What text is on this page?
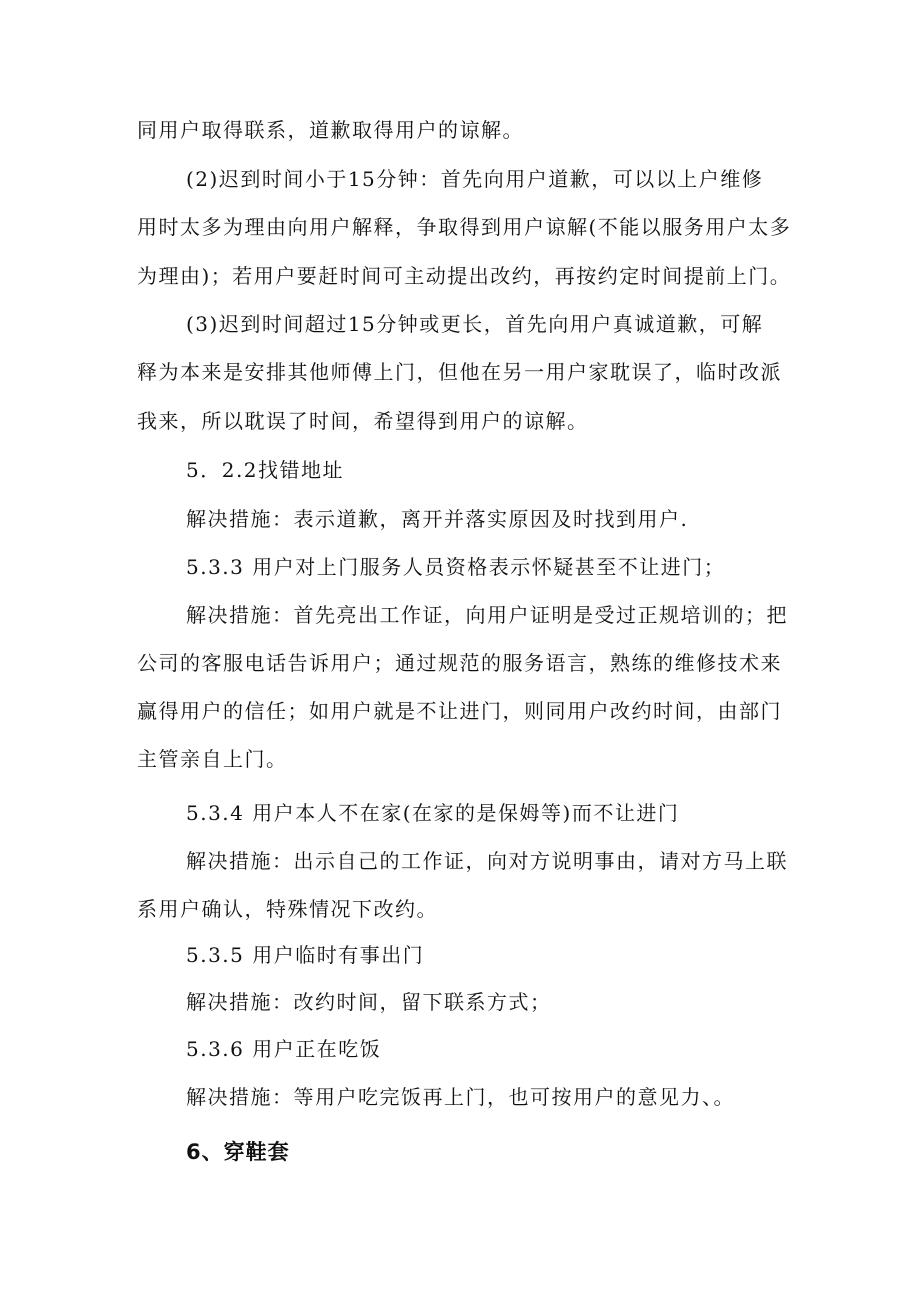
同用户取得联系，道歉取得用户的谅解。
(2)迟到时间小于15分钟：首先向用户道歉，可以以上户维修
用时太多为理由向用户解释，争取得到用户谅解(不能以服务用户太多
为理由)；若用户要赶时间可主动提出改约，再按约定时间提前上门。
(3)迟到时间超过15分钟或更长，首先向用户真诚道歉，可解
释为本来是安排其他师傅上门，但他在另一用户家耽误了，临时改派
我来，所以耽误了时间，希望得到用户的谅解。
5．2.2找错地址
解决措施：表示道歉，离开并落实原因及时找到用户.
5.3.3 用户对上门服务人员资格表示怀疑甚至不让进门；
解决措施：首先亮出工作证，向用户证明是受过正规培训的；把
公司的客服电话告诉用户；通过规范的服务语言，熟练的维修技术来
赢得用户的信任；如用户就是不让进门，则同用户改约时间，由部门
主管亲自上门。
5.3.4 用户本人不在家(在家的是保姆等)而不让进门
解决措施：出示自己的工作证，向对方说明事由，请对方马上联
系用户确认，特殊情况下改约。
5.3.5 用户临时有事出门
解决措施：改约时间，留下联系方式；
5.3.6 用户正在吃饭
解决措施：等用户吃完饭再上门，也可按用户的意见力、。
6、穿鞋套
